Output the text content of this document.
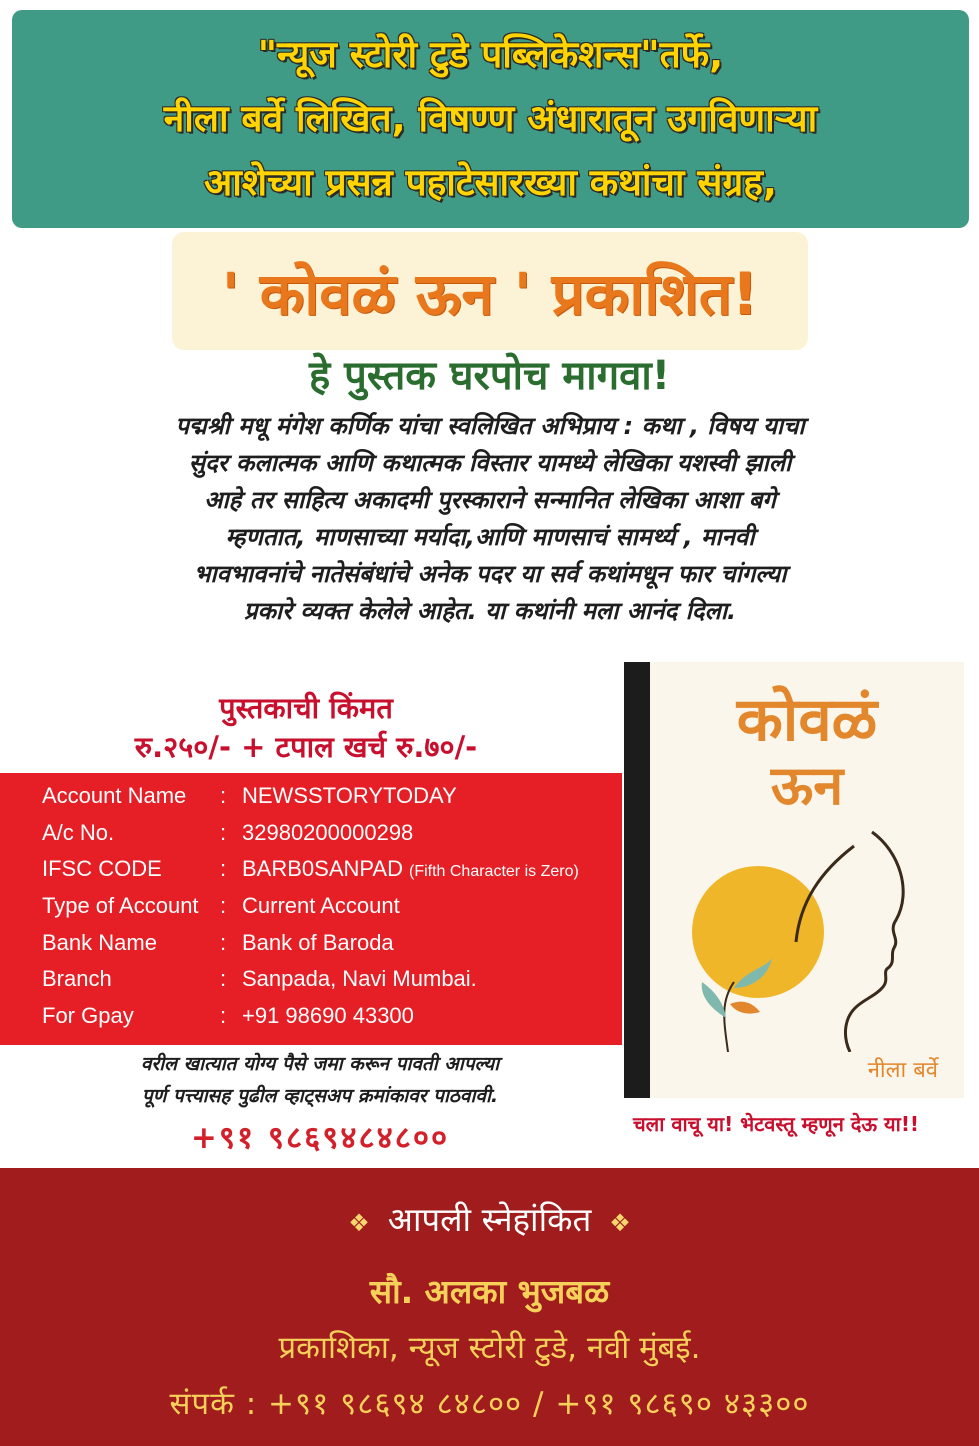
"न्यूज स्टोरी टुडे पब्लिकेशन्स"तर्फे,
नीला बर्वे लिखित, विषण्ण अंधारातून उगविणाऱ्या
आशेच्या प्रसन्न पहाटेसारख्या कथांचा संग्रह,
' कोवळं ऊन ' प्रकाशित!
हे पुस्तक घरपोच मागवा!
पद्मश्री मधू मंगेश कर्णिक यांचा स्वलिखित अभिप्राय : कथा , विषय याचा
सुंदर कलात्मक आणि कथात्मक विस्तार यामध्ये लेखिका यशस्वी झाली
आहे तर साहित्य अकादमी पुरस्काराने सन्मानित लेखिका आशा बगे
म्हणतात, माणसाच्या मर्यादा,आणि माणसाचं सामर्थ्य , मानवी
भावभावनांचे नातेसंबंधांचे अनेक पदर या सर्व कथांमधून फार चांगल्या
प्रकारे व्यक्त केलेले आहेत. या कथांनी मला आनंद दिला.
पुस्तकाची किंमत
रु.२५०/- + टपाल खर्च रु.७०/-
Account Name	: NEWSSTORYTODAY
A/c No.	: 32980200000298
IFSC CODE	: BARB0SANPAD (Fifth Character is Zero)
Type of Account : Current Account
Bank Name	: Bank of Baroda
Branch	: Sanpada, Navi Mumbai.
For Gpay	: +91 98690 43300
वरील खात्यात योग्य पैसे जमा करून पावती आपल्या
पूर्ण पत्त्यासह पुढील व्हाट्सअप क्रमांकावर पाठवावी.
+९१ ९८६९४८४८००
कोवळं
ऊन
नीला बर्वे
चला वाचू या! भेटवस्तू म्हणून देऊ या!!
❖ आपली स्नेहांकित ❖
सौ. अलका भुजबळ
प्रकाशिका, न्यूज स्टोरी टुडे, नवी मुंबई.
संपर्क : +९१ ९८६९४ ८४८०० / +९१ ९८६९० ४३३००
